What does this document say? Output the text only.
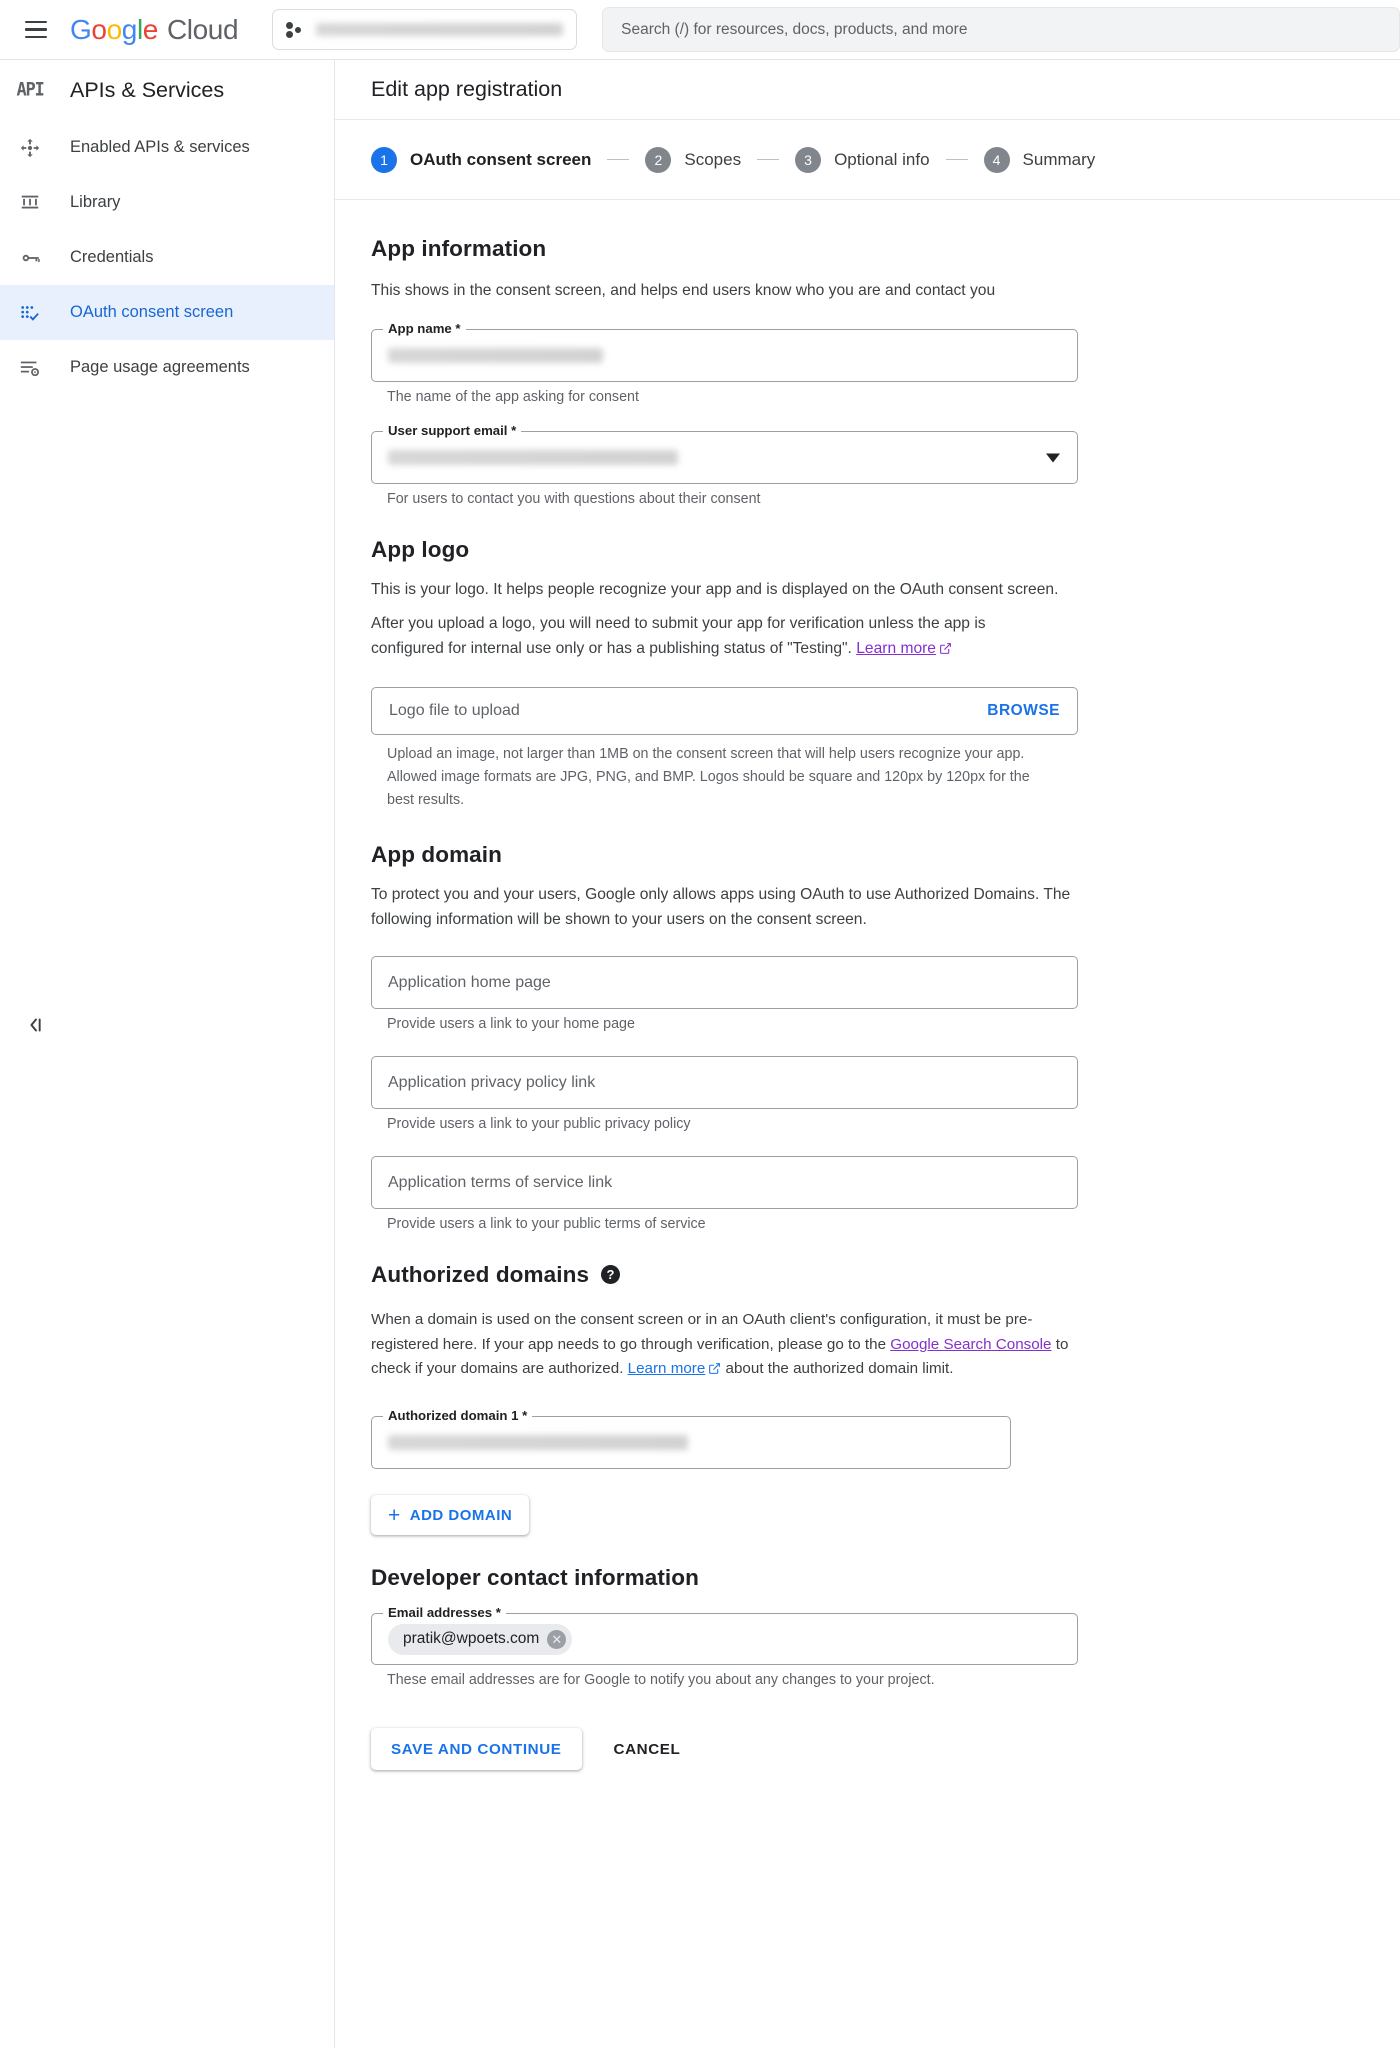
G o o g l e Cloud	Search (/) for resources, docs, products, and more
API	APIs & Services
Enabled APIs & services
Library
Credentials
OAuth consent screen
Page usage agreements
Edit app registration
1	OAuth consent screen	2	Scopes	3	Optional info	4	Summary
App information

This shows in the consent screen, and helps end users know who you are and contact you

App name *
The name of the app asking for consent
User support email *
For users to contact you with questions about their consent
App logo

This is your logo. It helps people recognize your app and is displayed on the OAuth consent screen.

After you upload a logo, you will need to submit your app for verification unless the app is configured for internal use only or has a publishing status of "Testing". Learn more

Logo file to upload	BROWSE
Upload an image, not larger than 1MB on the consent screen that will help users recognize your app. Allowed image formats are JPG, PNG, and BMP. Logos should be square and 120px by 120px for the best results.
App domain

To protect you and your users, Google only allows apps using OAuth to use Authorized Domains. The following information will be shown to your users on the consent screen.

Application home page
Provide users a link to your home page
Application privacy policy link
Provide users a link to your public privacy policy
Application terms of service link
Provide users a link to your public terms of service
Authorized domains ?

When a domain is used on the consent screen or in an OAuth client's configuration, it must be pre-registered here. If your app needs to go through verification, please go to the Google Search Console to check if your domains are authorized. Learn more about the authorized domain limit.

Authorized domain 1 *
+ ADD DOMAIN
Developer contact information
Email addresses *
pratik@wpoets.com ✕
These email addresses are for Google to notify you about any changes to your project.
SAVE AND CONTINUE	CANCEL
